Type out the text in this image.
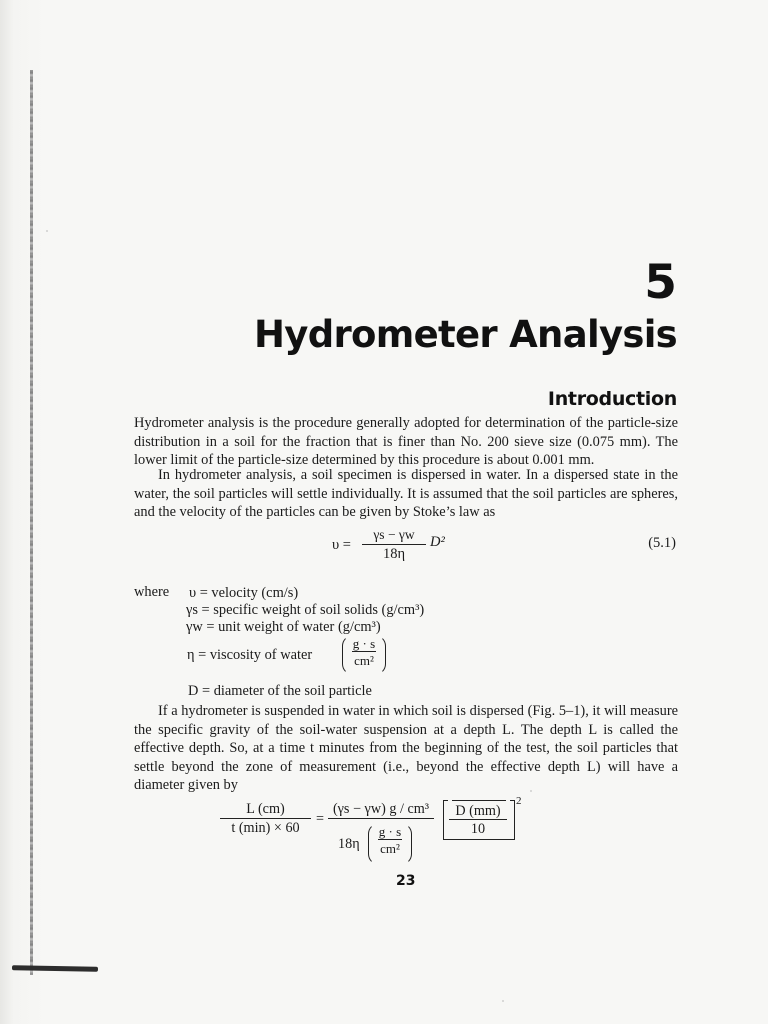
5
Hydrometer Analysis
Introduction
Hydrometer analysis is the procedure generally adopted for determination of the particle-size distribution in a soil for the fraction that is finer than No. 200 sieve size (0.075 mm). The lower limit of the particle-size determined by this procedure is about 0.001 mm.
In hydrometer analysis, a soil specimen is dispersed in water. In a dispersed state in the water, the soil particles will settle individually. It is assumed that the soil particles are spheres, and the velocity of the particles can be given by Stoke’s law as
$\upsilon = \frac{\gamma s - \gamma w}{18\eta} D^2$	(5.1)
where υ = velocity (cm/s)
γs = specific weight of soil solids (g/cm³)
γw = unit weight of water (g/cm³)
η = viscosity of water $\frac{g \cdot s}{\text{cm²}}$
D = diameter of the soil particle
If a hydrometer is suspended in water in which soil is dispersed (Fig. 5–1), it will measure the specific gravity of the soil-water suspension at a depth L. The depth L is called the effective depth. So, at a time t minutes from the beginning of the test, the soil particles that settle beyond the zone of measurement (i.e., beyond the effective depth L) will have a diameter given by
L (cm)
t (min) × 60
=
(γs − γw) g / cm³
$18\eta \frac{g \cdot s}{\text{cm²}}$
$\frac{D (mm)}{10}$
2
23
